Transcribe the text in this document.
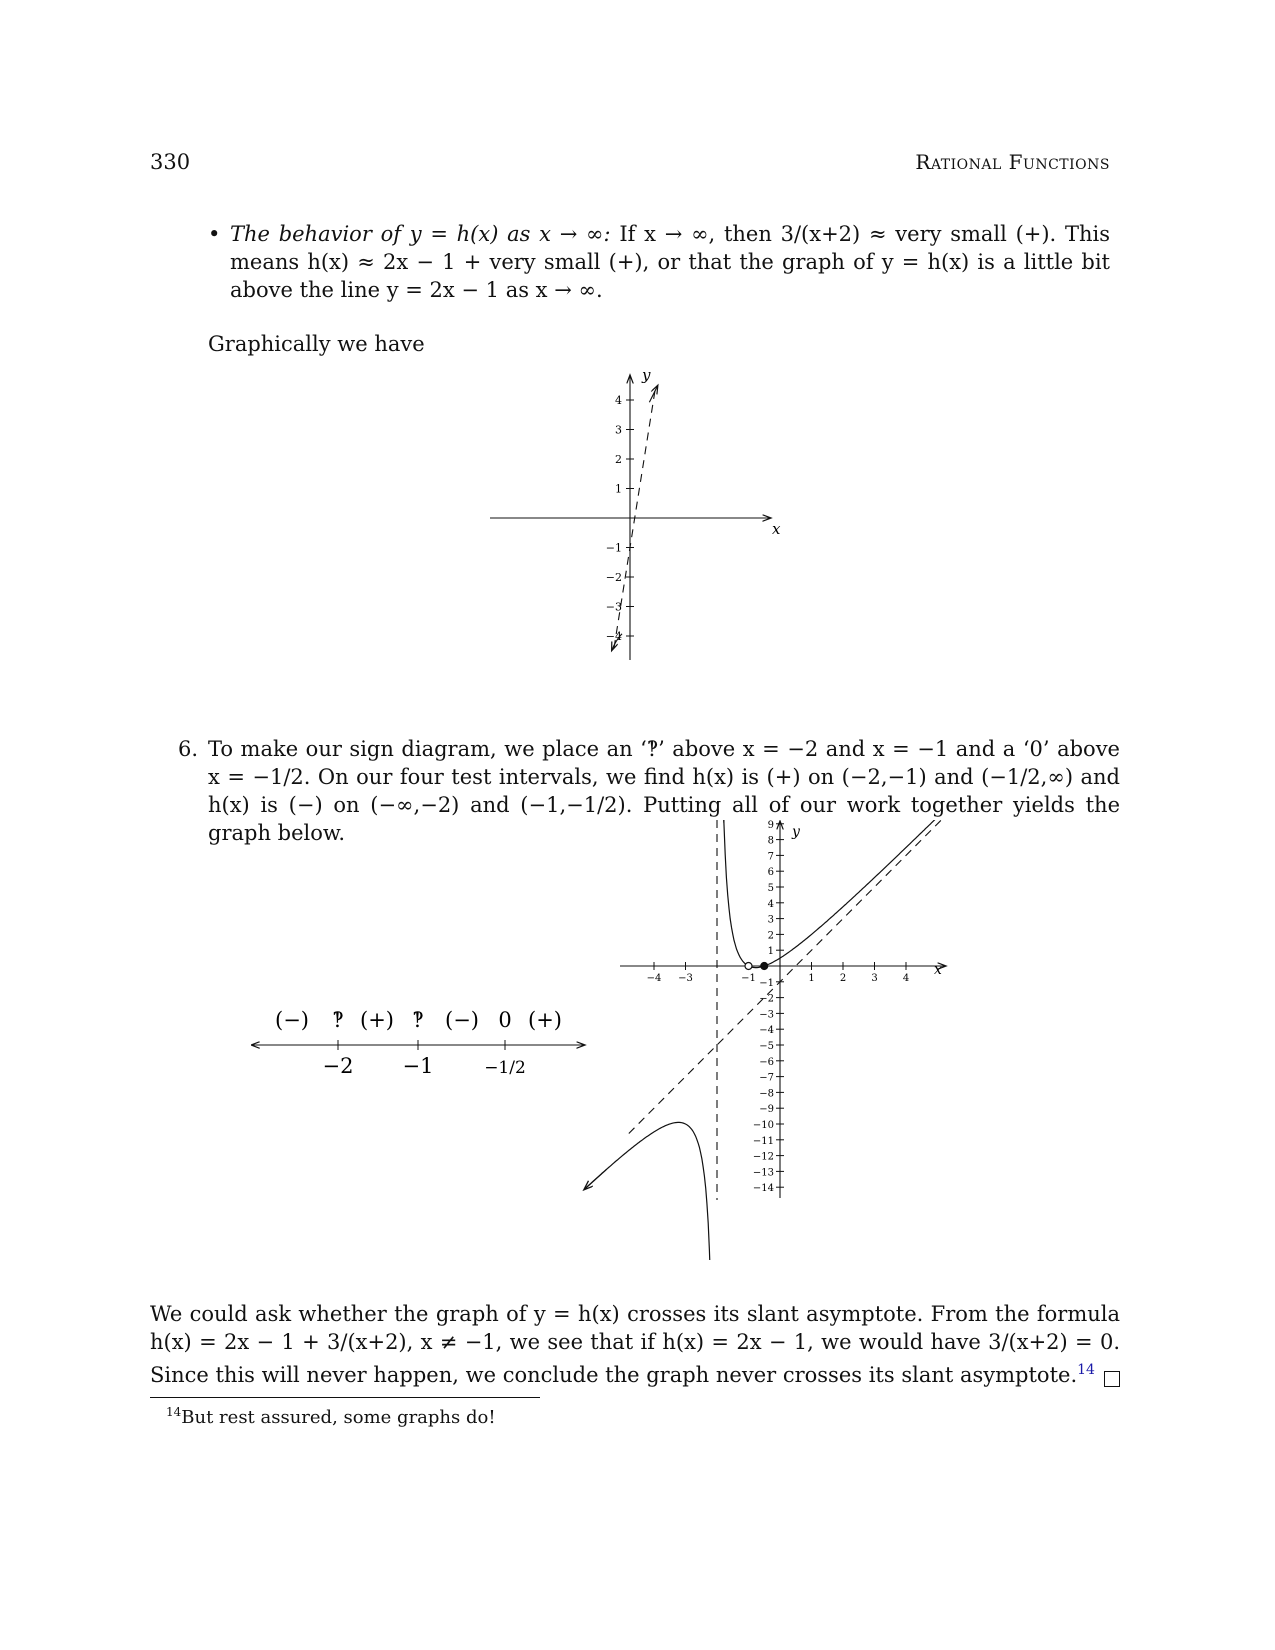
330	Rational Functions
• The behavior of y = h(x) as x → ∞: If x → ∞, then 3/(x+2) ≈ very small (+). This means h(x) ≈ 2x − 1 + very small (+), or that the graph of y = h(x) is a little bit above the line y = 2x − 1 as x → ∞.
Graphically we have
x
y
4
3
2
1
−1
−2
−3
−4
6. To make our sign diagram, we place an ‘‽’ above x = −2 and x = −1 and a ‘0’ above x = −1/2. On our four test intervals, we find h(x) is (+) on (−2,−1) and (−1/2,∞) and h(x) is (−) on (−∞,−2) and (−1,−1/2). Putting all of our work together yields the graph below.
(−) ‽ (+) ‽ (−) 0 (+)
−2 −1	−1/2
x
y
−4 −3	−1	1	2	3	4
9
8
7
6
5
4
3
2
1
−1
−2
−3
−4
−5
−6
−7
−8
−9
−10
−11
−12
−13
−14
We could ask whether the graph of y = h(x) crosses its slant asymptote. From the formula h(x) = 2x − 1 + 3/(x+2), x ≠ −1, we see that if h(x) = 2x − 1, we would have 3/(x+2) = 0. Since this will never happen, we conclude the graph never crosses its slant asymptote.$^{14}$
$^{14}$But rest assured, some graphs do!
